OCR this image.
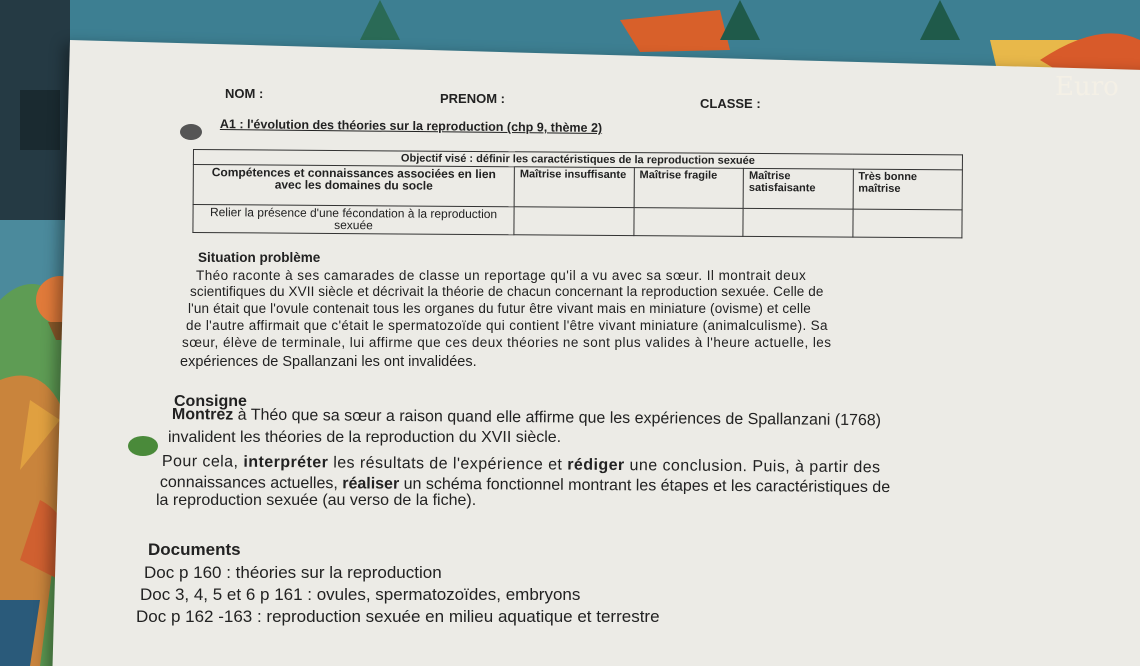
NOM :	PRENOM :	CLASSE :
A1 : l'évolution des théories sur la reproduction (chp 9, thème 2)
Objectif visé : définir les caractéristiques de la reproduction sexuée				
Compétences et connaissances associées en lien avec les domaines du socle	Maîtrise insuffisante	Maîtrise fragile	Maîtrise satisfaisante	Très bonne maîtrise
Relier la présence d'une fécondation à la reproduction sexuée				
Situation problème
Théo raconte à ses camarades de classe un reportage qu'il a vu avec sa sœur. Il montrait deux
scientifiques du XVII siècle et décrivait la théorie de chacun concernant la reproduction sexuée. Celle de
l'un était que l'ovule contenait tous les organes du futur être vivant mais en miniature (ovisme) et celle
de l'autre affirmait que c'était le spermatozoïde qui contient l'être vivant miniature (animalculisme). Sa
sœur, élève de terminale, lui affirme que ces deux théories ne sont plus valides à l'heure actuelle, les
expériences de Spallanzani les ont invalidées.
Consigne
Montrez à Théo que sa sœur a raison quand elle affirme que les expériences de Spallanzani (1768)
invalident les théories de la reproduction du XVII siècle.
Pour cela, interpréter les résultats de l'expérience et rédiger une conclusion. Puis, à partir des
connaissances actuelles, réaliser un schéma fonctionnel montrant les étapes et les caractéristiques de
la reproduction sexuée (au verso de la fiche).
Documents
Doc p 160 : théories sur la reproduction
Doc 3, 4, 5 et 6 p 161 : ovules, spermatozoïdes, embryons
Doc p 162 -163 : reproduction sexuée en milieu aquatique et terrestre
Euro
